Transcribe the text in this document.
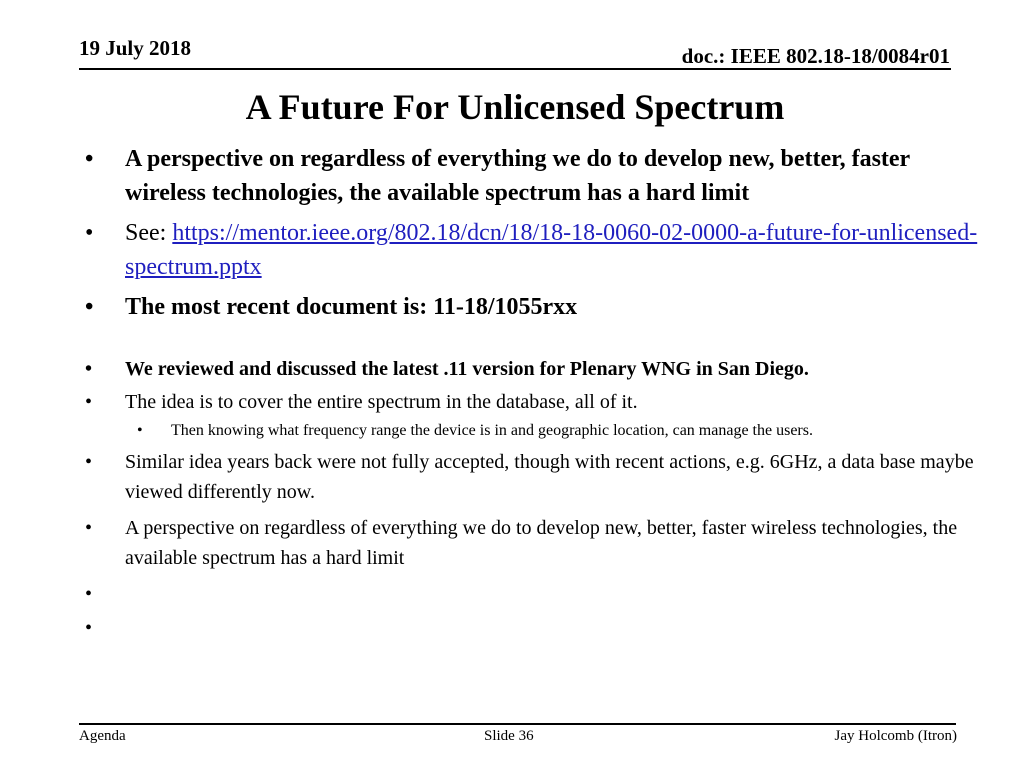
19 July 2018	doc.: IEEE 802.18-18/0084r01
A Future For Unlicensed Spectrum
• A perspective on regardless of everything we do to develop new, better, faster wireless technologies, the available spectrum has a hard limit
• See: https://mentor.ieee.org/802.18/dcn/18/18-18-0060-02-0000-a-future-for-unlicensed-spectrum.pptx
• The most recent document is: 11-18/1055rxx
• We reviewed and discussed the latest .11 version for Plenary WNG in San Diego.
• The idea is to cover the entire spectrum in the database, all of it.
• Then knowing what frequency range the device is in and geographic location, can manage the users.
• Similar idea years back were not fully accepted, though with recent actions, e.g. 6GHz, a data base maybe viewed differently now.
• A perspective on regardless of everything we do to develop new, better, faster wireless technologies, the available spectrum has a hard limit
•

•

Agenda	Slide 36	Jay Holcomb (Itron)
